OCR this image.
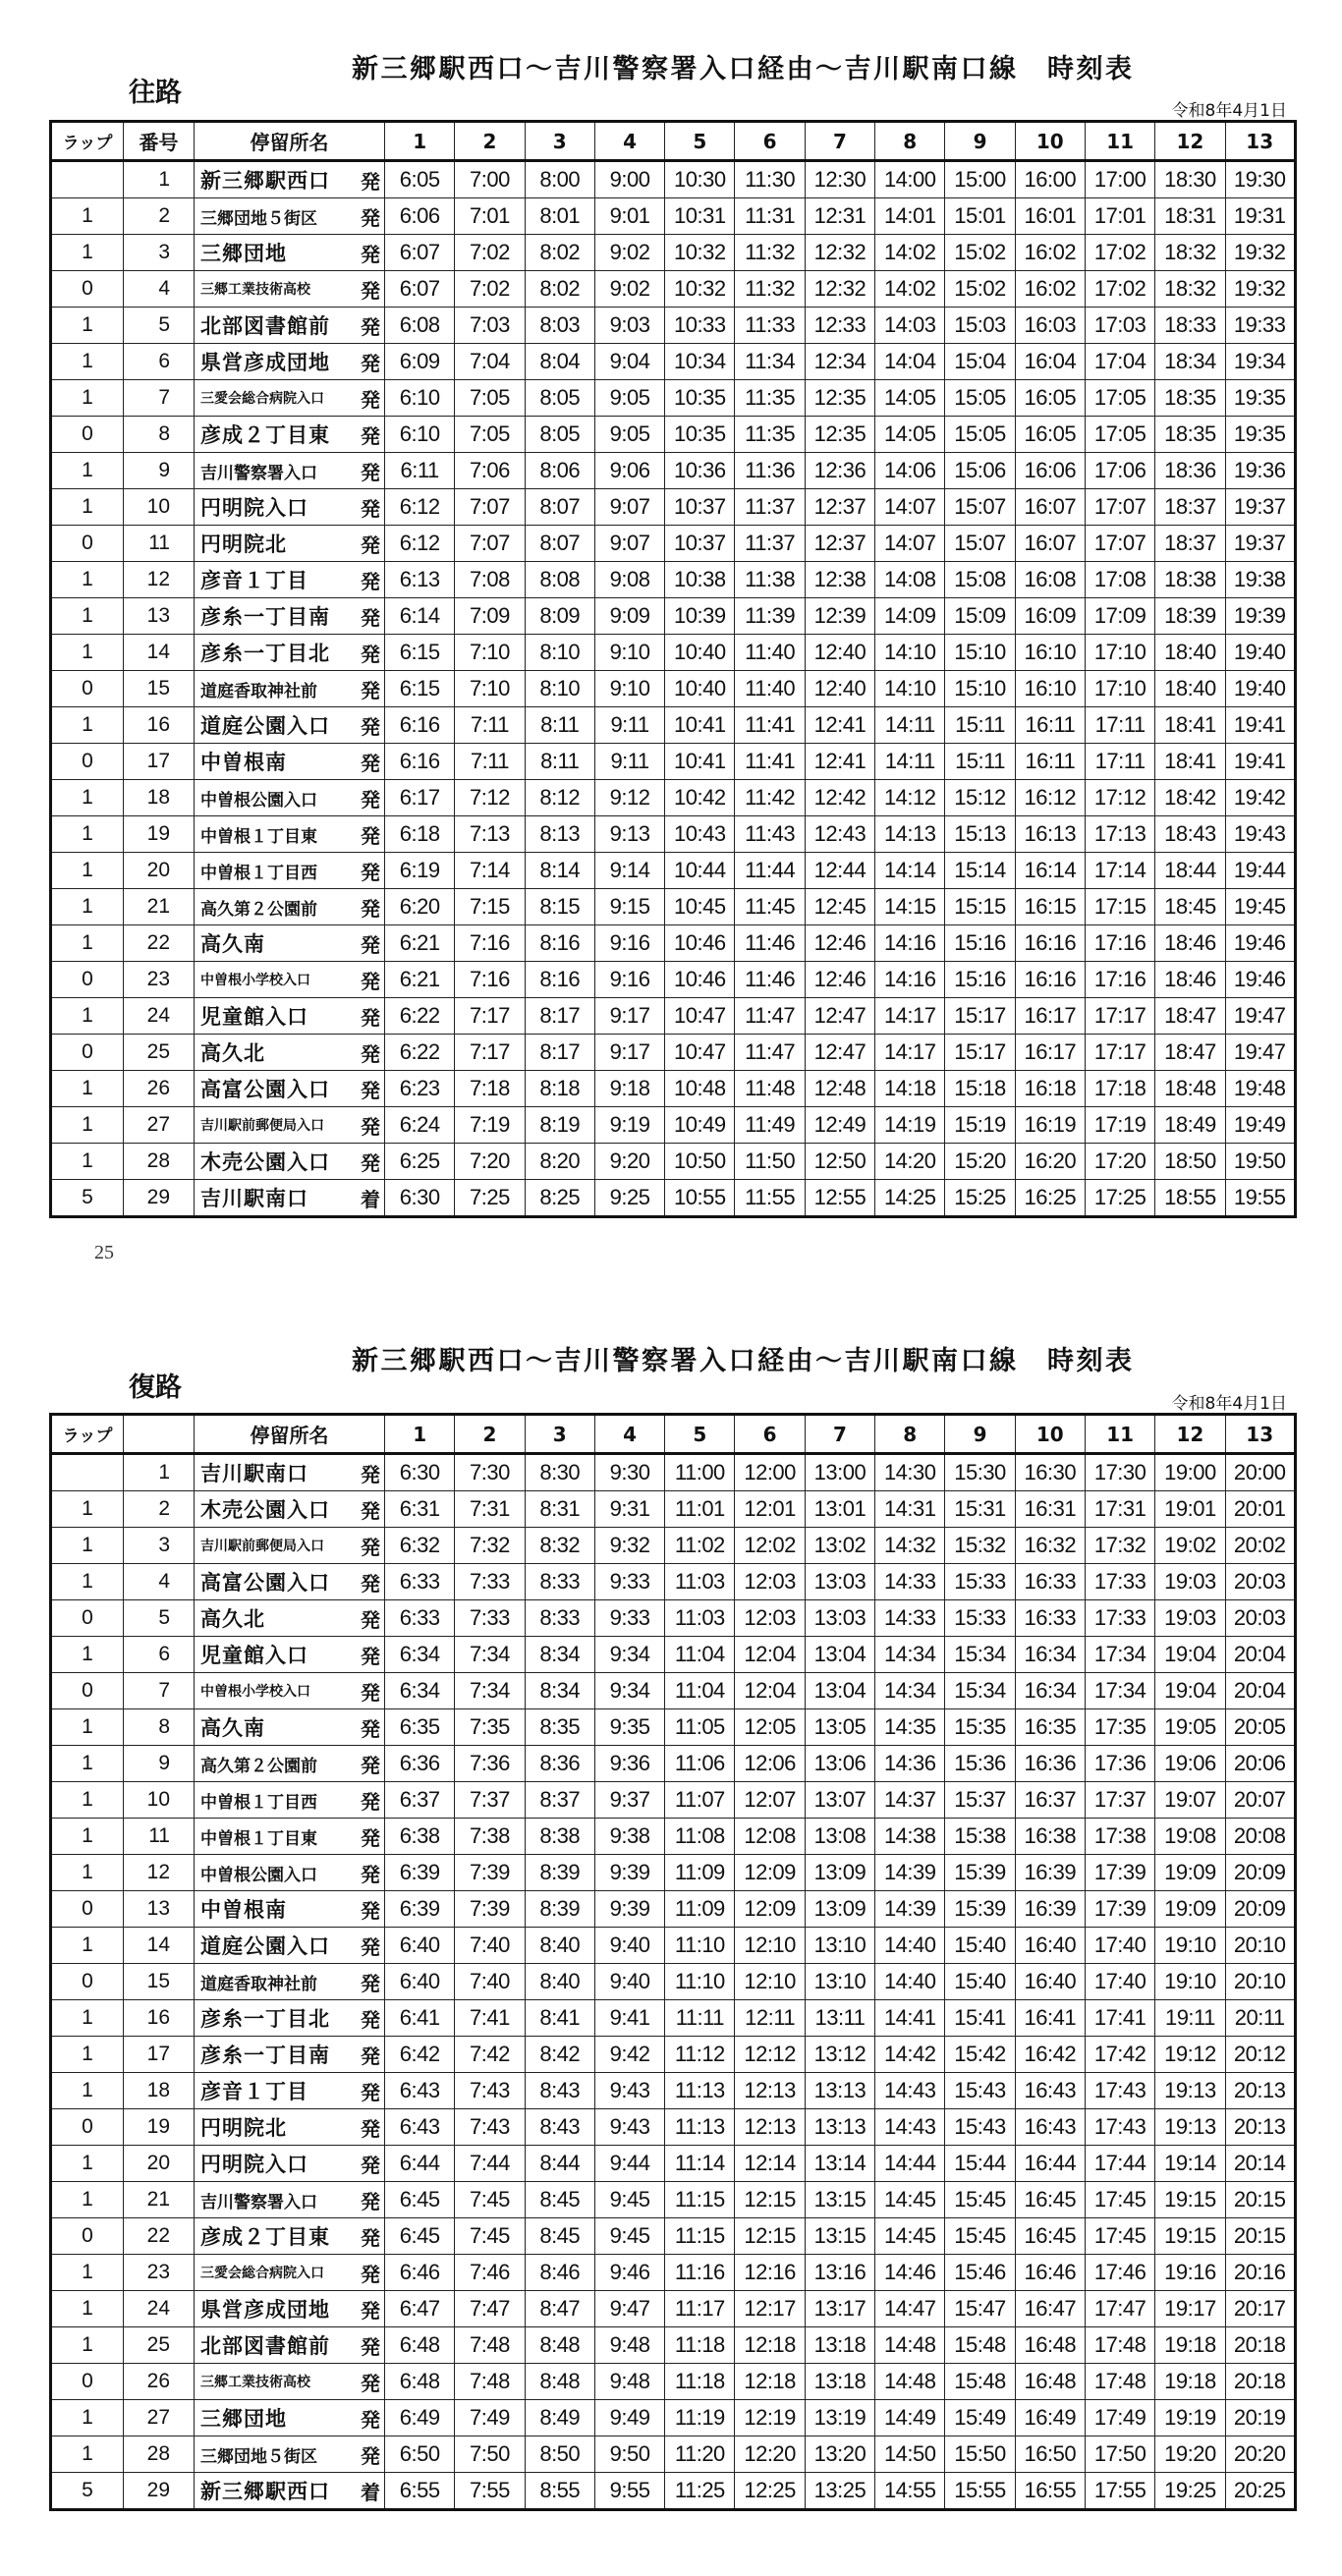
新三郷駅西口～吉川警察署入口経由～吉川駅南口線　時刻表
往路
令和8年4月1日
ラップ	番号	停留所名	1	2	3	4	5	6	7	8	9	10	11	12	13
	1	新三郷駅西口 発	6:05	7:00	8:00	9:00	10:30	11:30	12:30	14:00	15:00	16:00	17:00	18:30	19:30
1	2	三郷団地５街区 発	6:06	7:01	8:01	9:01	10:31	11:31	12:31	14:01	15:01	16:01	17:01	18:31	19:31
1	3	三郷団地 発	6:07	7:02	8:02	9:02	10:32	11:32	12:32	14:02	15:02	16:02	17:02	18:32	19:32
0	4	三郷工業技術高校 発	6:07	7:02	8:02	9:02	10:32	11:32	12:32	14:02	15:02	16:02	17:02	18:32	19:32
1	5	北部図書館前 発	6:08	7:03	8:03	9:03	10:33	11:33	12:33	14:03	15:03	16:03	17:03	18:33	19:33
1	6	県営彦成団地 発	6:09	7:04	8:04	9:04	10:34	11:34	12:34	14:04	15:04	16:04	17:04	18:34	19:34
1	7	三愛会総合病院入口 発	6:10	7:05	8:05	9:05	10:35	11:35	12:35	14:05	15:05	16:05	17:05	18:35	19:35
0	8	彦成２丁目東 発	6:10	7:05	8:05	9:05	10:35	11:35	12:35	14:05	15:05	16:05	17:05	18:35	19:35
1	9	吉川警察署入口 発	6:11	7:06	8:06	9:06	10:36	11:36	12:36	14:06	15:06	16:06	17:06	18:36	19:36
1	10	円明院入口 発	6:12	7:07	8:07	9:07	10:37	11:37	12:37	14:07	15:07	16:07	17:07	18:37	19:37
0	11	円明院北 発	6:12	7:07	8:07	9:07	10:37	11:37	12:37	14:07	15:07	16:07	17:07	18:37	19:37
1	12	彦音１丁目 発	6:13	7:08	8:08	9:08	10:38	11:38	12:38	14:08	15:08	16:08	17:08	18:38	19:38
1	13	彦糸一丁目南 発	6:14	7:09	8:09	9:09	10:39	11:39	12:39	14:09	15:09	16:09	17:09	18:39	19:39
1	14	彦糸一丁目北 発	6:15	7:10	8:10	9:10	10:40	11:40	12:40	14:10	15:10	16:10	17:10	18:40	19:40
0	15	道庭香取神社前 発	6:15	7:10	8:10	9:10	10:40	11:40	12:40	14:10	15:10	16:10	17:10	18:40	19:40
1	16	道庭公園入口 発	6:16	7:11	8:11	9:11	10:41	11:41	12:41	14:11	15:11	16:11	17:11	18:41	19:41
0	17	中曽根南 発	6:16	7:11	8:11	9:11	10:41	11:41	12:41	14:11	15:11	16:11	17:11	18:41	19:41
1	18	中曽根公園入口 発	6:17	7:12	8:12	9:12	10:42	11:42	12:42	14:12	15:12	16:12	17:12	18:42	19:42
1	19	中曽根１丁目東 発	6:18	7:13	8:13	9:13	10:43	11:43	12:43	14:13	15:13	16:13	17:13	18:43	19:43
1	20	中曽根１丁目西 発	6:19	7:14	8:14	9:14	10:44	11:44	12:44	14:14	15:14	16:14	17:14	18:44	19:44
1	21	高久第２公園前 発	6:20	7:15	8:15	9:15	10:45	11:45	12:45	14:15	15:15	16:15	17:15	18:45	19:45
1	22	高久南 発	6:21	7:16	8:16	9:16	10:46	11:46	12:46	14:16	15:16	16:16	17:16	18:46	19:46
0	23	中曽根小学校入口 発	6:21	7:16	8:16	9:16	10:46	11:46	12:46	14:16	15:16	16:16	17:16	18:46	19:46
1	24	児童館入口 発	6:22	7:17	8:17	9:17	10:47	11:47	12:47	14:17	15:17	16:17	17:17	18:47	19:47
0	25	高久北 発	6:22	7:17	8:17	9:17	10:47	11:47	12:47	14:17	15:17	16:17	17:17	18:47	19:47
1	26	高富公園入口 発	6:23	7:18	8:18	9:18	10:48	11:48	12:48	14:18	15:18	16:18	17:18	18:48	19:48
1	27	吉川駅前郵便局入口 発	6:24	7:19	8:19	9:19	10:49	11:49	12:49	14:19	15:19	16:19	17:19	18:49	19:49
1	28	木売公園入口 発	6:25	7:20	8:20	9:20	10:50	11:50	12:50	14:20	15:20	16:20	17:20	18:50	19:50
5	29	吉川駅南口 着	6:30	7:25	8:25	9:25	10:55	11:55	12:55	14:25	15:25	16:25	17:25	18:55	19:55
25
新三郷駅西口～吉川警察署入口経由～吉川駅南口線　時刻表
復路
令和8年4月1日
ラップ		停留所名	1	2	3	4	5	6	7	8	9	10	11	12	13
	1	吉川駅南口 発	6:30	7:30	8:30	9:30	11:00	12:00	13:00	14:30	15:30	16:30	17:30	19:00	20:00
1	2	木売公園入口 発	6:31	7:31	8:31	9:31	11:01	12:01	13:01	14:31	15:31	16:31	17:31	19:01	20:01
1	3	吉川駅前郵便局入口 発	6:32	7:32	8:32	9:32	11:02	12:02	13:02	14:32	15:32	16:32	17:32	19:02	20:02
1	4	高富公園入口 発	6:33	7:33	8:33	9:33	11:03	12:03	13:03	14:33	15:33	16:33	17:33	19:03	20:03
0	5	高久北 発	6:33	7:33	8:33	9:33	11:03	12:03	13:03	14:33	15:33	16:33	17:33	19:03	20:03
1	6	児童館入口 発	6:34	7:34	8:34	9:34	11:04	12:04	13:04	14:34	15:34	16:34	17:34	19:04	20:04
0	7	中曽根小学校入口 発	6:34	7:34	8:34	9:34	11:04	12:04	13:04	14:34	15:34	16:34	17:34	19:04	20:04
1	8	高久南 発	6:35	7:35	8:35	9:35	11:05	12:05	13:05	14:35	15:35	16:35	17:35	19:05	20:05
1	9	高久第２公園前 発	6:36	7:36	8:36	9:36	11:06	12:06	13:06	14:36	15:36	16:36	17:36	19:06	20:06
1	10	中曽根１丁目西 発	6:37	7:37	8:37	9:37	11:07	12:07	13:07	14:37	15:37	16:37	17:37	19:07	20:07
1	11	中曽根１丁目東 発	6:38	7:38	8:38	9:38	11:08	12:08	13:08	14:38	15:38	16:38	17:38	19:08	20:08
1	12	中曽根公園入口 発	6:39	7:39	8:39	9:39	11:09	12:09	13:09	14:39	15:39	16:39	17:39	19:09	20:09
0	13	中曽根南 発	6:39	7:39	8:39	9:39	11:09	12:09	13:09	14:39	15:39	16:39	17:39	19:09	20:09
1	14	道庭公園入口 発	6:40	7:40	8:40	9:40	11:10	12:10	13:10	14:40	15:40	16:40	17:40	19:10	20:10
0	15	道庭香取神社前 発	6:40	7:40	8:40	9:40	11:10	12:10	13:10	14:40	15:40	16:40	17:40	19:10	20:10
1	16	彦糸一丁目北 発	6:41	7:41	8:41	9:41	11:11	12:11	13:11	14:41	15:41	16:41	17:41	19:11	20:11
1	17	彦糸一丁目南 発	6:42	7:42	8:42	9:42	11:12	12:12	13:12	14:42	15:42	16:42	17:42	19:12	20:12
1	18	彦音１丁目 発	6:43	7:43	8:43	9:43	11:13	12:13	13:13	14:43	15:43	16:43	17:43	19:13	20:13
0	19	円明院北 発	6:43	7:43	8:43	9:43	11:13	12:13	13:13	14:43	15:43	16:43	17:43	19:13	20:13
1	20	円明院入口 発	6:44	7:44	8:44	9:44	11:14	12:14	13:14	14:44	15:44	16:44	17:44	19:14	20:14
1	21	吉川警察署入口 発	6:45	7:45	8:45	9:45	11:15	12:15	13:15	14:45	15:45	16:45	17:45	19:15	20:15
0	22	彦成２丁目東 発	6:45	7:45	8:45	9:45	11:15	12:15	13:15	14:45	15:45	16:45	17:45	19:15	20:15
1	23	三愛会総合病院入口 発	6:46	7:46	8:46	9:46	11:16	12:16	13:16	14:46	15:46	16:46	17:46	19:16	20:16
1	24	県営彦成団地 発	6:47	7:47	8:47	9:47	11:17	12:17	13:17	14:47	15:47	16:47	17:47	19:17	20:17
1	25	北部図書館前 発	6:48	7:48	8:48	9:48	11:18	12:18	13:18	14:48	15:48	16:48	17:48	19:18	20:18
0	26	三郷工業技術高校 発	6:48	7:48	8:48	9:48	11:18	12:18	13:18	14:48	15:48	16:48	17:48	19:18	20:18
1	27	三郷団地 発	6:49	7:49	8:49	9:49	11:19	12:19	13:19	14:49	15:49	16:49	17:49	19:19	20:19
1	28	三郷団地５街区 発	6:50	7:50	8:50	9:50	11:20	12:20	13:20	14:50	15:50	16:50	17:50	19:20	20:20
5	29	新三郷駅西口 着	6:55	7:55	8:55	9:55	11:25	12:25	13:25	14:55	15:55	16:55	17:55	19:25	20:25
